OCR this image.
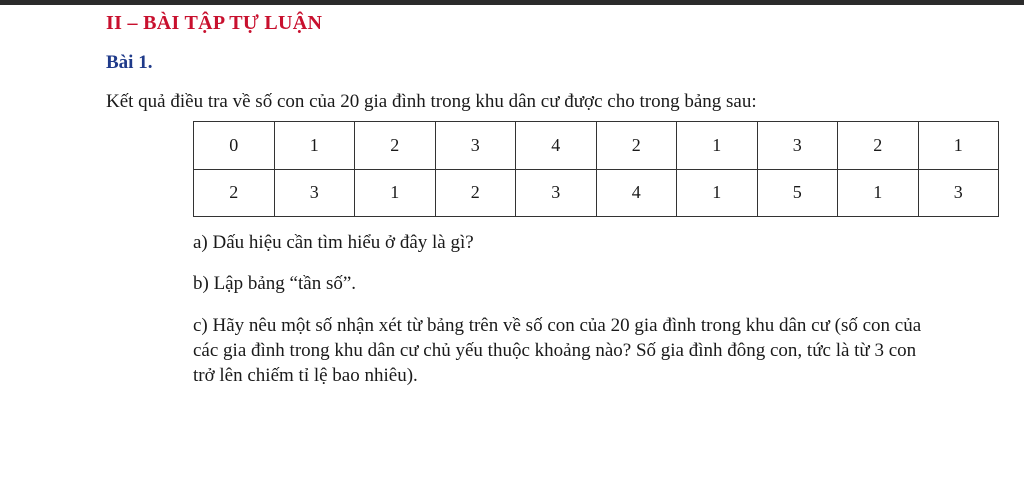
II – BÀI TẬP TỰ LUẬN
Bài 1.
Kết quả điều tra về số con của 20 gia đình trong khu dân cư được cho trong bảng sau:
0	1	2	3	4	2	1	3	2	1
2	3	1	2	3	4	1	5	1	3

a) Dấu hiệu cần tìm hiểu ở đây là gì?

b) Lập bảng “tần số”.

c) Hãy nêu một số nhận xét từ bảng trên về số con của 20 gia đình trong khu dân cư (số con của các gia đình trong khu dân cư chủ yếu thuộc khoảng nào? Số gia đình đông con, tức là từ 3 con trở lên chiếm tỉ lệ bao nhiêu).
